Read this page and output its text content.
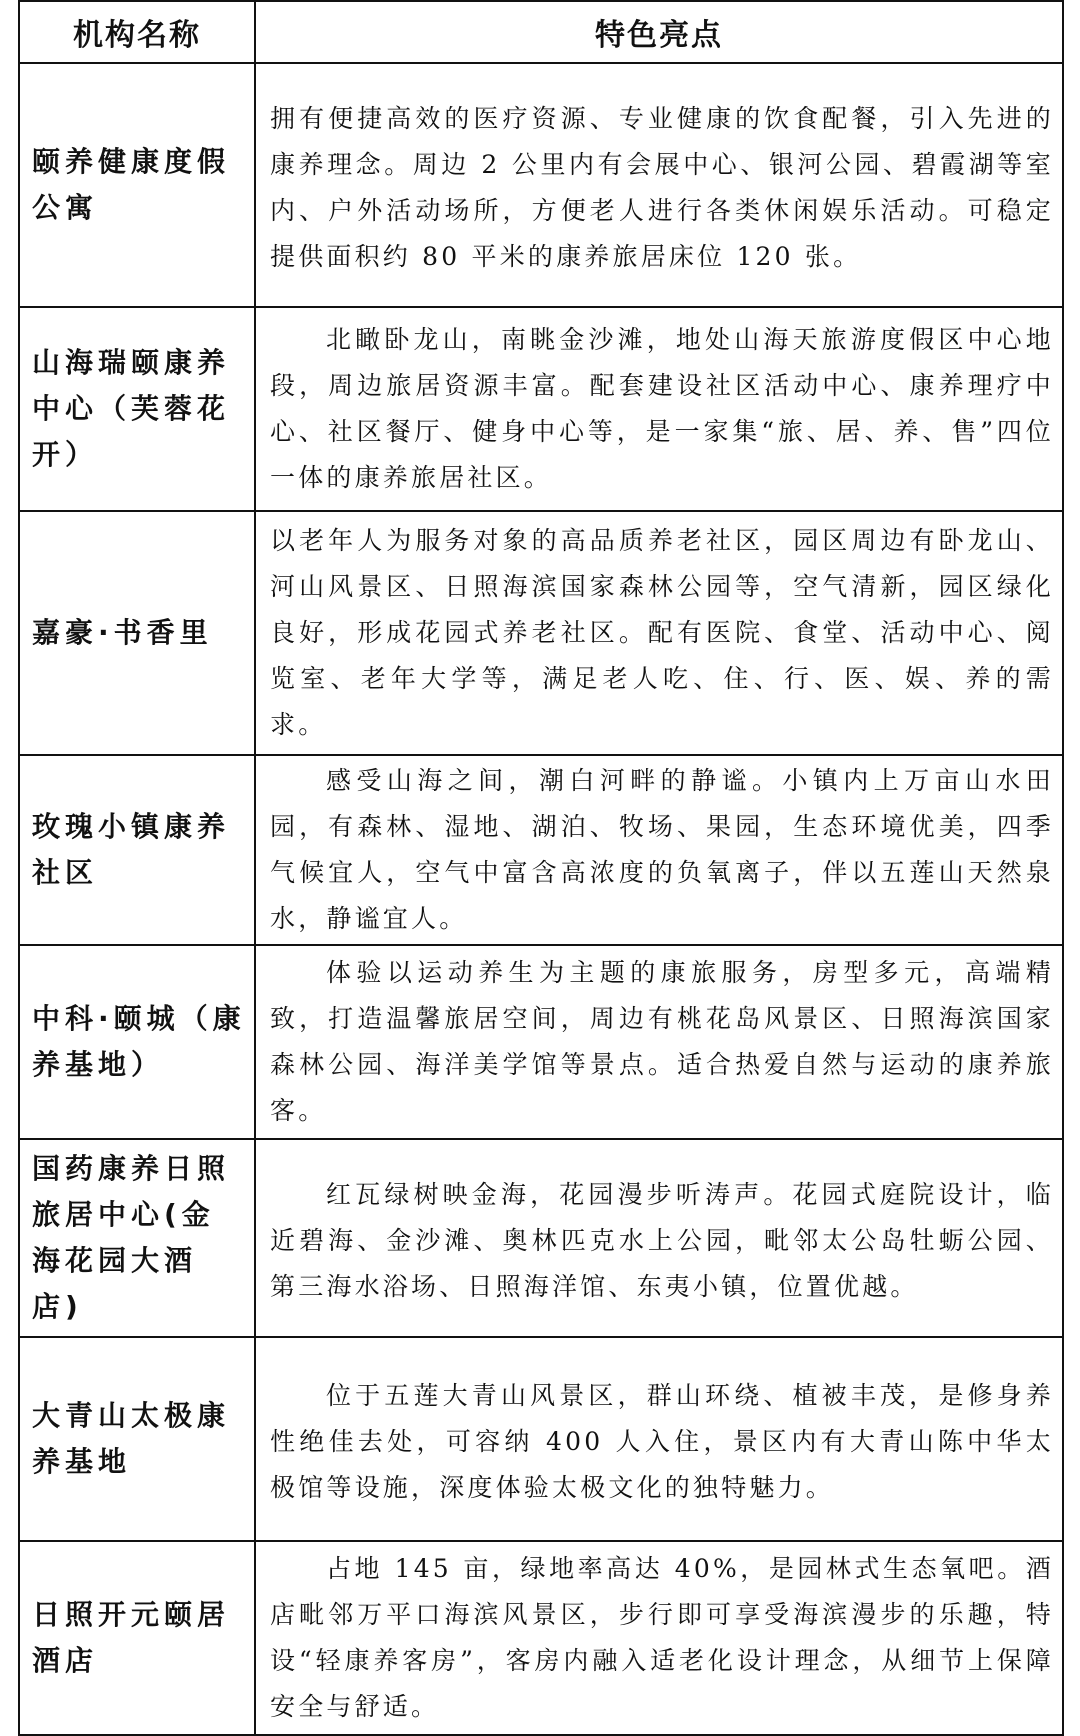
机构名称	特色亮点
颐养健康度假公寓	拥有便捷高效的医疗资源、专业健康的饮食配餐，引入先进的康养理念。周边 2 公里内有会展中心、银河公园、碧霞湖等室内、户外活动场所，方便老人进行各类休闲娱乐活动。可稳定提供面积约 80 平米的康养旅居床位 120 张。
山海瑞颐康养中心（芙蓉花开）	北瞰卧龙山，南眺金沙滩，地处山海天旅游度假区中心地段，周边旅居资源丰富。配套建设社区活动中心、康养理疗中心、社区餐厅、健身中心等，是一家集“旅、居、养、售”四位一体的康养旅居社区。
嘉豪·书香里	以老年人为服务对象的高品质养老社区，园区周边有卧龙山、河山风景区、日照海滨国家森林公园等，空气清新，园区绿化良好，形成花园式养老社区。配有医院、食堂、活动中心、阅览室、老年大学等，满足老人吃、住、行、医、娱、养的需求。
玫瑰小镇康养社区	感受山海之间，潮白河畔的静谧。小镇内上万亩山水田园，有森林、湿地、湖泊、牧场、果园，生态环境优美，四季气候宜人，空气中富含高浓度的负氧离子，伴以五莲山天然泉水，静谧宜人。
中科·颐城（康养基地）	体验以运动养生为主题的康旅服务，房型多元，高端精致，打造温馨旅居空间，周边有桃花岛风景区、日照海滨国家森林公园、海洋美学馆等景点。适合热爱自然与运动的康养旅客。
国药康养日照旅居中心(金海花园大酒店)	红瓦绿树映金海，花园漫步听涛声。花园式庭院设计，临近碧海、金沙滩、奥林匹克水上公园，毗邻太公岛牡蛎公园、第三海水浴场、日照海洋馆、东夷小镇，位置优越。
大青山太极康养基地	位于五莲大青山风景区，群山环绕、植被丰茂，是修身养性绝佳去处，可容纳 400 人入住，景区内有大青山陈中华太极馆等设施，深度体验太极文化的独特魅力。
日照开元颐居酒店	占地 145 亩，绿地率高达 40%，是园林式生态氧吧。酒店毗邻万平口海滨风景区，步行即可享受海滨漫步的乐趣，特设“轻康养客房”，客房内融入适老化设计理念，从细节上保障安全与舒适。
